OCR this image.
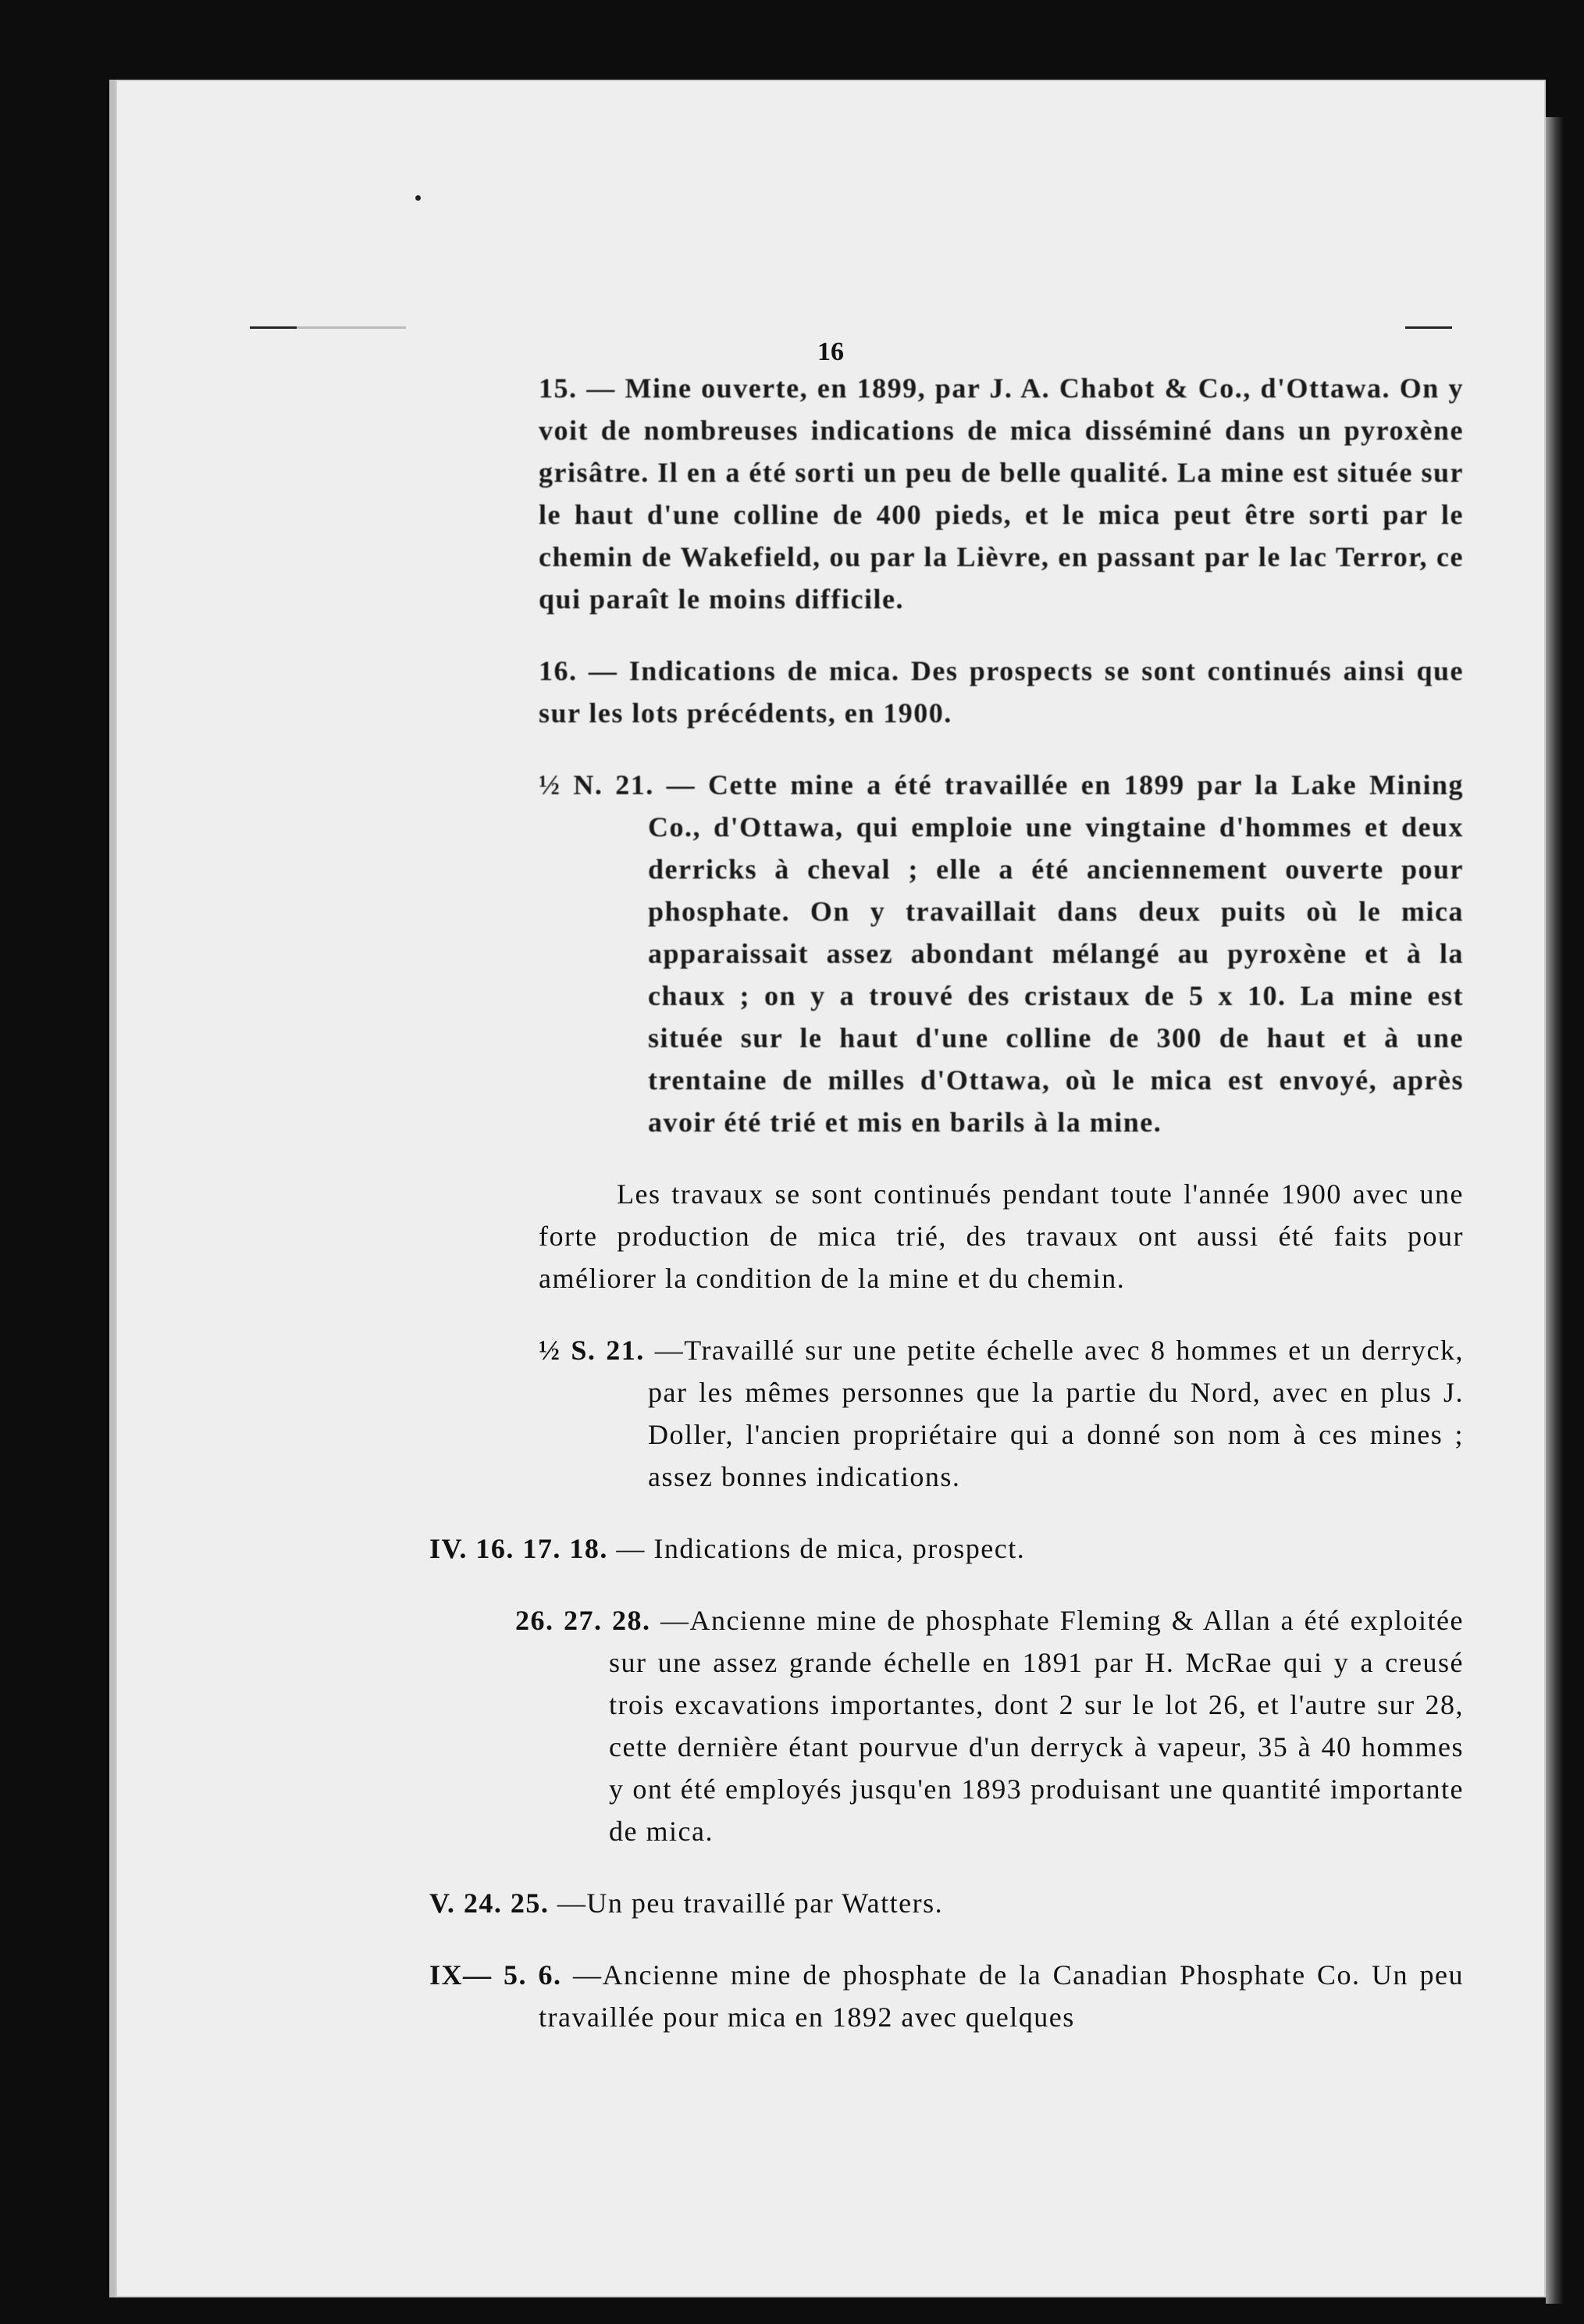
16

15. — Mine ouverte, en 1899, par J. A. Chabot & Co., d'Ottawa. On y voit de nombreuses indications de mica disséminé dans un pyroxène grisâtre. Il en a été sorti un peu de belle qualité. La mine est située sur le haut d'une colline de 400 pieds, et le mica peut être sorti par le chemin de Wakefield, ou par la Lièvre, en passant par le lac Terror, ce qui paraît le moins difficile.

16. — Indications de mica. Des prospects se sont continués ainsi que sur les lots précédents, en 1900.

½ N. 21. — Cette mine a été travaillée en 1899 par la Lake Mining Co., d'Ottawa, qui emploie une vingtaine d'hommes et deux derricks à cheval ; elle a été anciennement ouverte pour phosphate. On y travaillait dans deux puits où le mica apparaissait assez abondant mélangé au pyroxène et à la chaux ; on y a trouvé des cristaux de 5 x 10. La mine est située sur le haut d'une colline de 300 de haut et à une trentaine de milles d'Ottawa, où le mica est envoyé, après avoir été trié et mis en barils à la mine.

Les travaux se sont continués pendant toute l'année 1900 avec une forte production de mica trié, des travaux ont aussi été faits pour améliorer la condition de la mine et du chemin.

½ S. 21. —Travaillé sur une petite échelle avec 8 hommes et un derryck, par les mêmes personnes que la partie du Nord, avec en plus J. Doller, l'ancien propriétaire qui a donné son nom à ces mines ; assez bonnes indications.

IV. 16. 17. 18. — Indications de mica, prospect.

26. 27. 28. —Ancienne mine de phosphate Fleming & Allan a été exploitée sur une assez grande échelle en 1891 par H. McRae qui y a creusé trois excavations importantes, dont 2 sur le lot 26, et l'autre sur 28, cette dernière étant pourvue d'un derryck à vapeur, 35 à 40 hommes y ont été employés jusqu'en 1893 produisant une quantité importante de mica.

V. 24. 25. —Un peu travaillé par Watters.

IX— 5. 6. —Ancienne mine de phosphate de la Canadian Phosphate Co. Un peu travaillée pour mica en 1892 avec quelques
